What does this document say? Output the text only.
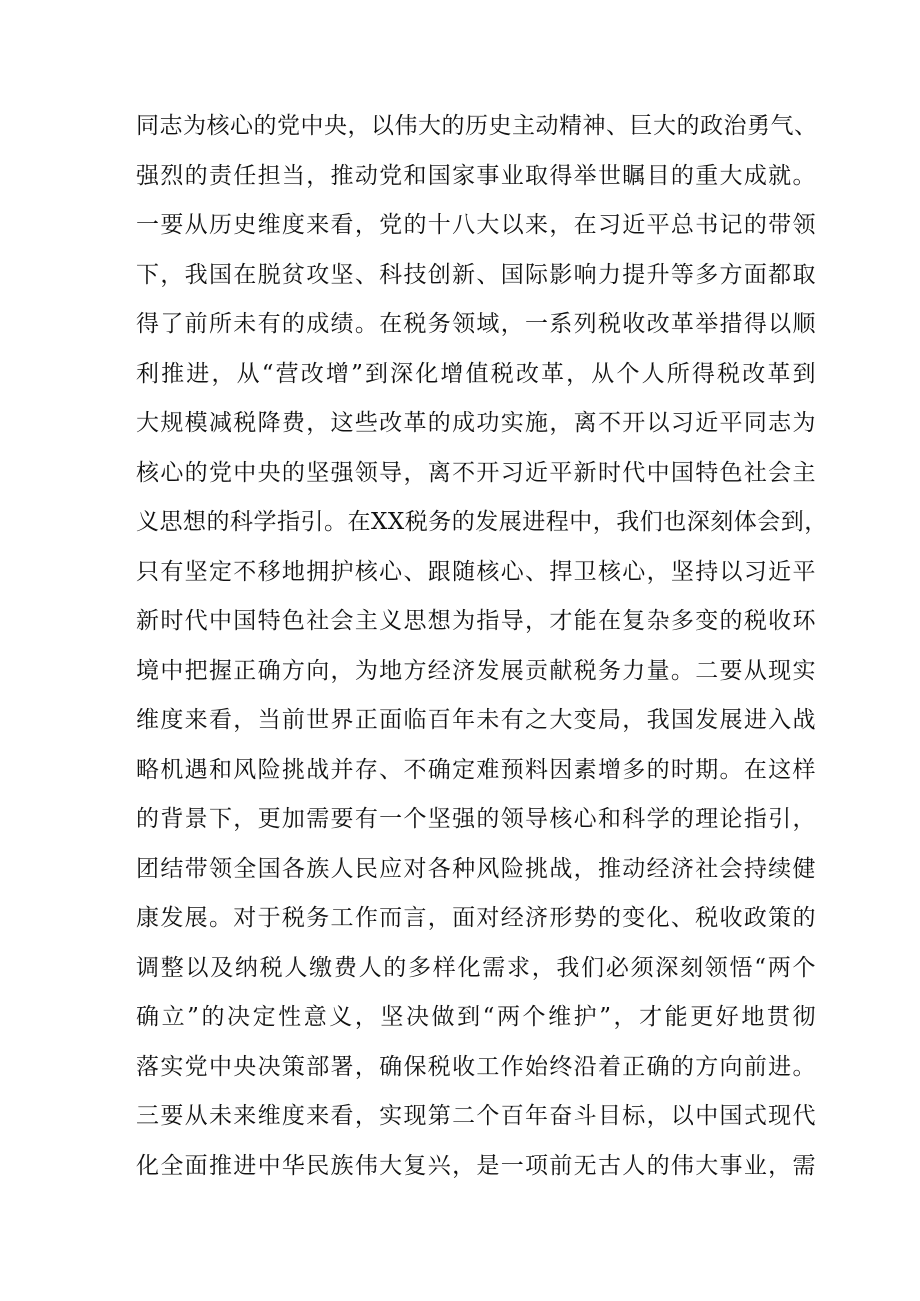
同志为核心的党中央，以伟大的历史主动精神、巨大的政治勇气、
强烈的责任担当，推动党和国家事业取得举世瞩目的重大成就。
一要从历史维度来看，党的十八大以来，在习近平总书记的带领
下，我国在脱贫攻坚、科技创新、国际影响力提升等多方面都取
得了前所未有的成绩。在税务领域，一系列税收改革举措得以顺
利推进，从“营改增”到深化增值税改革，从个人所得税改革到
大规模减税降费，这些改革的成功实施，离不开以习近平同志为
核心的党中央的坚强领导，离不开习近平新时代中国特色社会主
义思想的科学指引。在XX税务的发展进程中，我们也深刻体会到，
只有坚定不移地拥护核心、跟随核心、捍卫核心，坚持以习近平
新时代中国特色社会主义思想为指导，才能在复杂多变的税收环
境中把握正确方向，为地方经济发展贡献税务力量。二要从现实
维度来看，当前世界正面临百年未有之大变局，我国发展进入战
略机遇和风险挑战并存、不确定难预料因素增多的时期。在这样
的背景下，更加需要有一个坚强的领导核心和科学的理论指引，
团结带领全国各族人民应对各种风险挑战，推动经济社会持续健
康发展。对于税务工作而言，面对经济形势的变化、税收政策的
调整以及纳税人缴费人的多样化需求，我们必须深刻领悟“两个
确立”的决定性意义，坚决做到“两个维护”，才能更好地贯彻
落实党中央决策部署，确保税收工作始终沿着正确的方向前进。
三要从未来维度来看，实现第二个百年奋斗目标，以中国式现代
化全面推进中华民族伟大复兴，是一项前无古人的伟大事业，需
